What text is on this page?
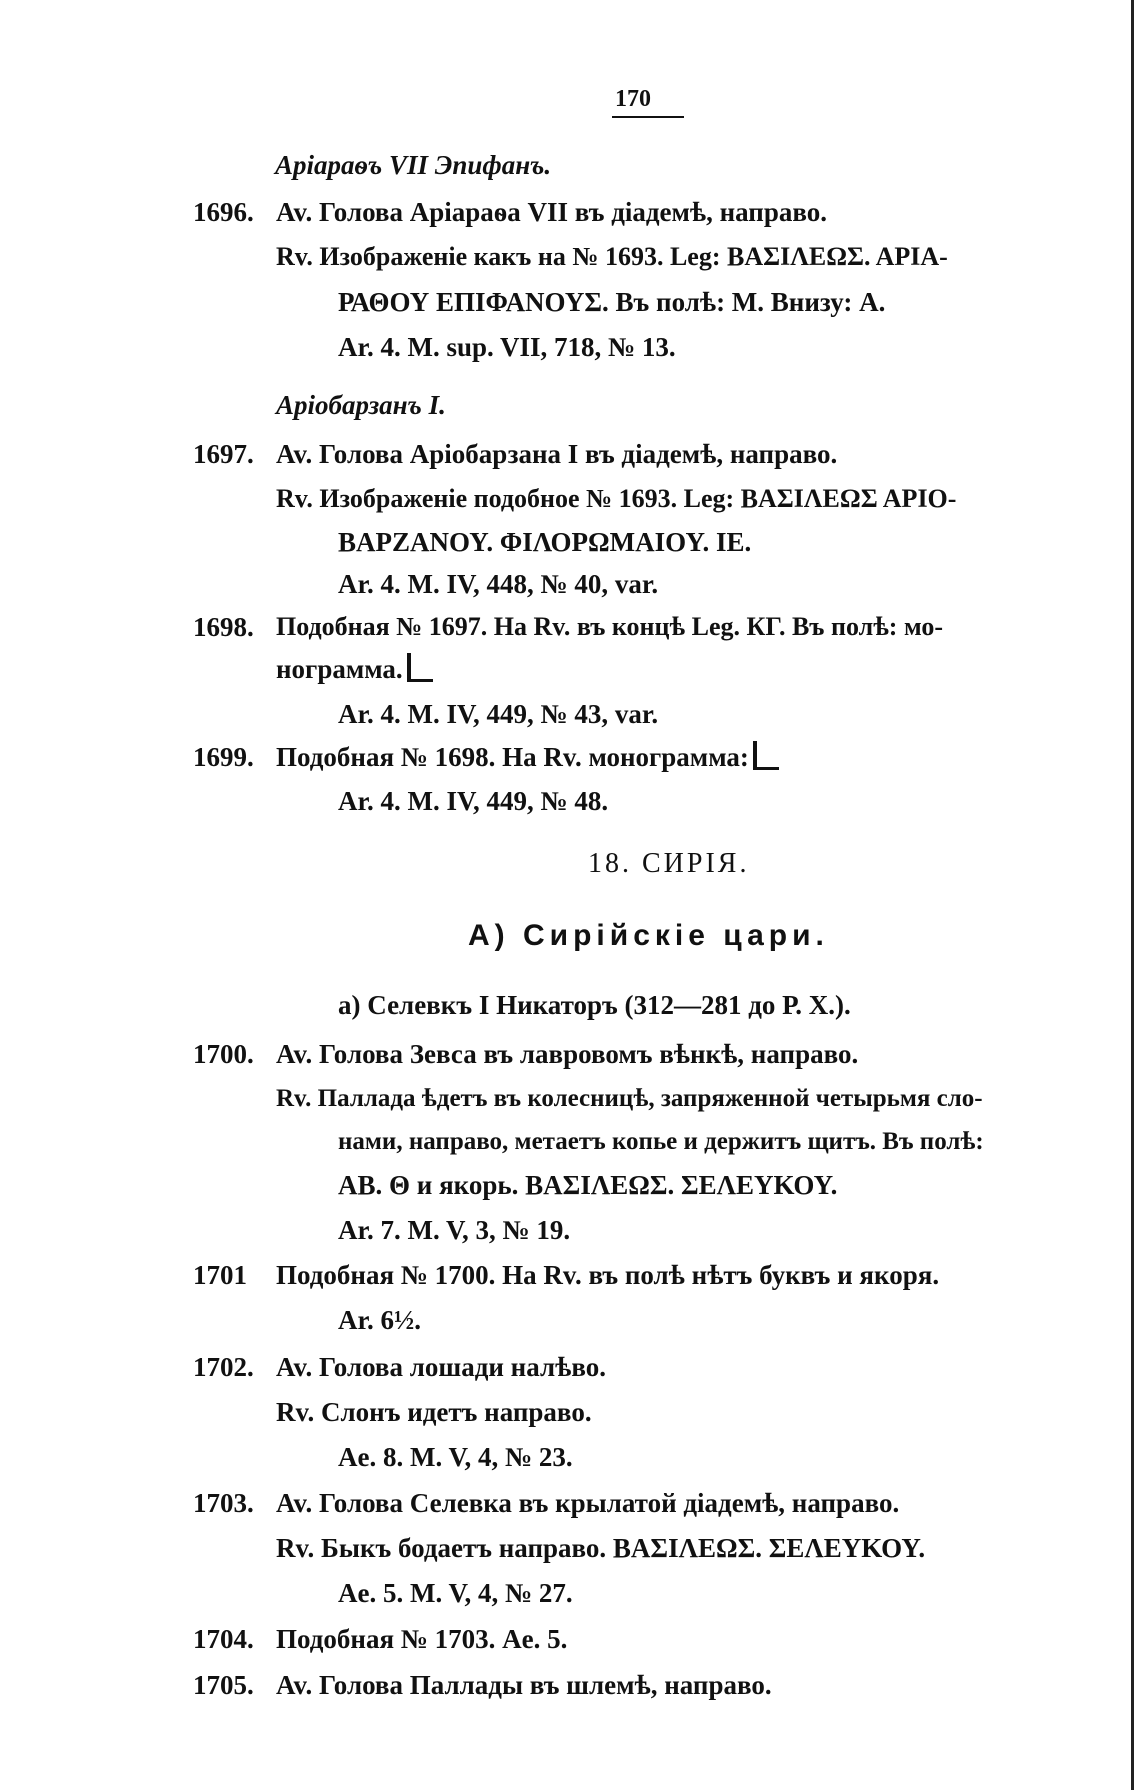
170
Аріараѳъ VII Эпифанъ.
1696. Av. Голова Аріараѳа VII въ діадемѣ, направо.
Rv. Изображеніе какъ на № 1693. Leg: ΒΑΣΙΛΕΩΣ. ΑΡΙΑ-
ΡΑΘΟΥ ΕΠΙΦΑΝΟΥΣ. Въ полѣ: М. Внизу: А.
Ar. 4. M. sup. VII, 718, № 13.
Аріобарзанъ I.
1697. Av. Голова Аріобарзана I въ діадемѣ, направо.
Rv. Изображеніе подобное № 1693. Leg: ΒΑΣΙΛΕΩΣ ΑΡΙΟ-
ΒΑΡΖΑΝΟΥ. ΦΙΛΟΡΩΜΑΙΟΥ. ΙΕ.
Ar. 4. M. IV, 448, № 40, var.
1698. Подобная № 1697. На Rv. въ концѣ Leg. КГ. Въ полѣ: мо-
нограмма.
Ar. 4. M. IV, 449, № 43, var.
1699. Подобная № 1698. На Rv. монограмма:
Ar. 4. M. IV, 449, № 48.
18. СИРІЯ.
A) Сирійскіе цари.
а) Селевкъ I Никаторъ (312—281 до Р. Х.).
1700. Av. Голова Зевса въ лавровомъ вѣнкѣ, направо.
Rv. Паллада ѣдетъ въ колесницѣ, запряженной четырьмя сло-
нами, направо, метаетъ копье и держитъ щитъ. Въ полѣ:
ΑΒ. Θ и якорь. ΒΑΣΙΛΕΩΣ. ΣΕΛΕΥΚΟΥ.
Ar. 7. M. V, 3, № 19.
1701 Подобная № 1700. На Rv. въ полѣ нѣтъ буквъ и якоря.
Ar. 6½.
1702. Av. Голова лошади налѣво.
Rv. Слонъ идетъ направо.
Ae. 8. M. V, 4, № 23.
1703. Av. Голова Селевка въ крылатой діадемѣ, направо.
Rv. Быкъ бодаетъ направо. ΒΑΣΙΛΕΩΣ. ΣΕΛΕΥΚΟΥ.
Ae. 5. M. V, 4, № 27.
1704. Подобная № 1703. Ae. 5.
1705. Av. Голова Паллады въ шлемѣ, направо.
